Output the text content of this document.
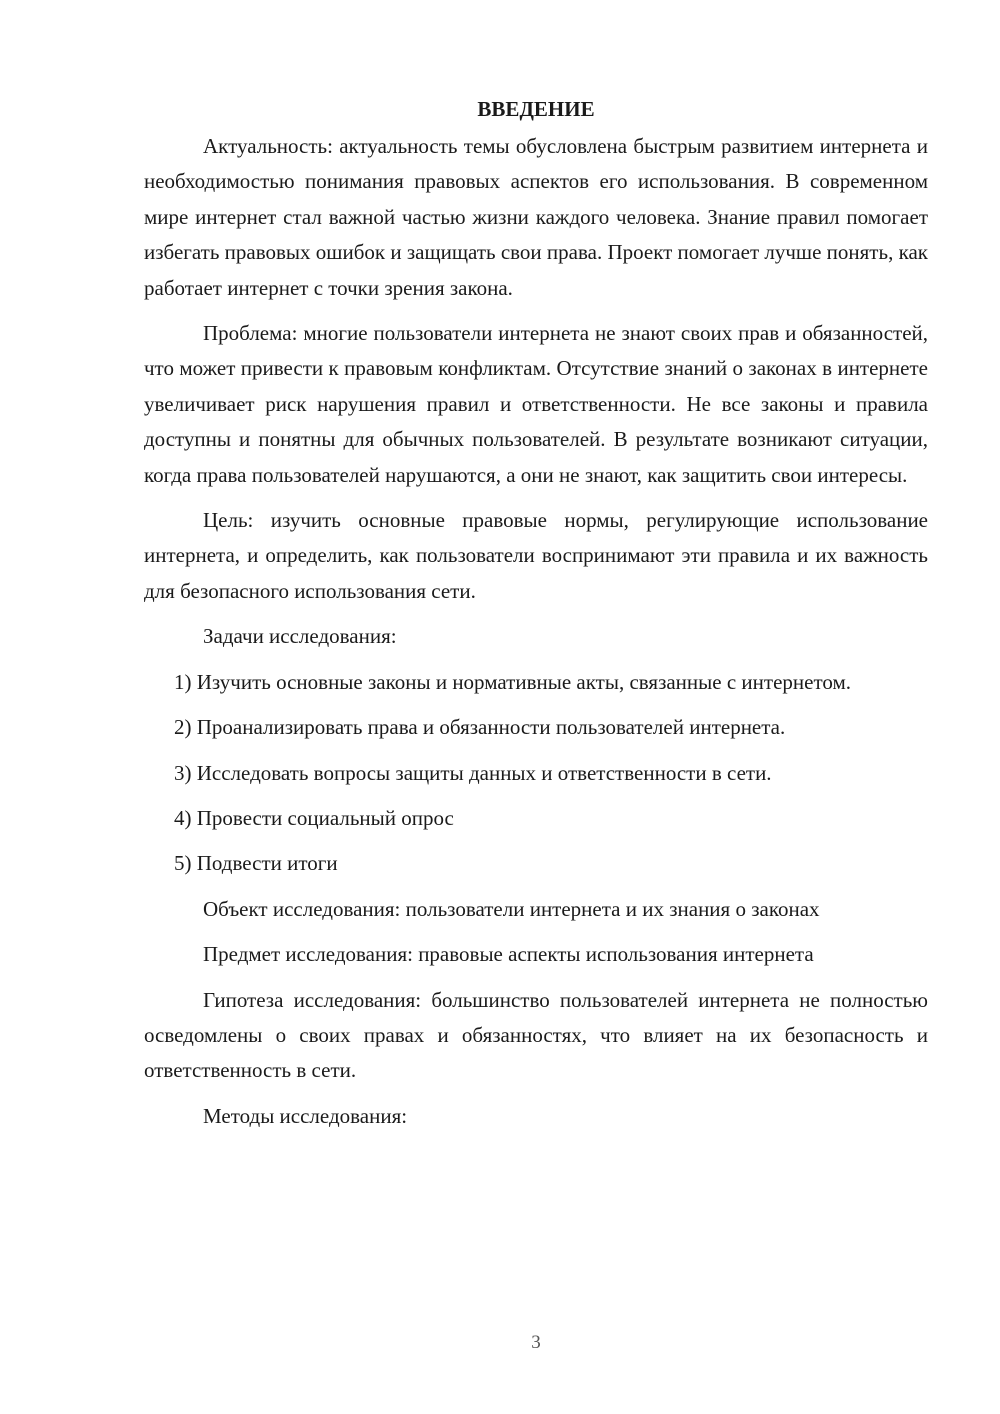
ВВЕДЕНИЕ

Актуальность: актуальность темы обусловлена быстрым развитием интернета и необходимостью понимания правовых аспектов его использования. В современном мире интернет стал важной частью жизни каждого человека. Знание правил помогает избегать правовых ошибок и защищать свои права. Проект помогает лучше понять, как работает интернет с точки зрения закона.

Проблема: многие пользователи интернета не знают своих прав и обязанностей, что может привести к правовым конфликтам. Отсутствие знаний о законах в интернете увеличивает риск нарушения правил и ответственности. Не все законы и правила доступны и понятны для обычных пользователей. В результате возникают ситуации, когда права пользователей нарушаются, а они не знают, как защитить свои интересы.

Цель: изучить основные правовые нормы, регулирующие использование интернета, и определить, как пользователи воспринимают эти правила и их важность для безопасного использования сети.

Задачи исследования:

1) Изучить основные законы и нормативные акты, связанные с интернетом.

2) Проанализировать права и обязанности пользователей интернета.

3) Исследовать вопросы защиты данных и ответственности в сети.

4) Провести социальный опрос

5) Подвести итоги

Объект исследования: пользователи интернета и их знания о законах

Предмет исследования: правовые аспекты использования интернета

Гипотеза исследования: большинство пользователей интернета не полностью осведомлены о своих правах и обязанностях, что влияет на их безопасность и ответственность в сети.

Методы исследования:

3
